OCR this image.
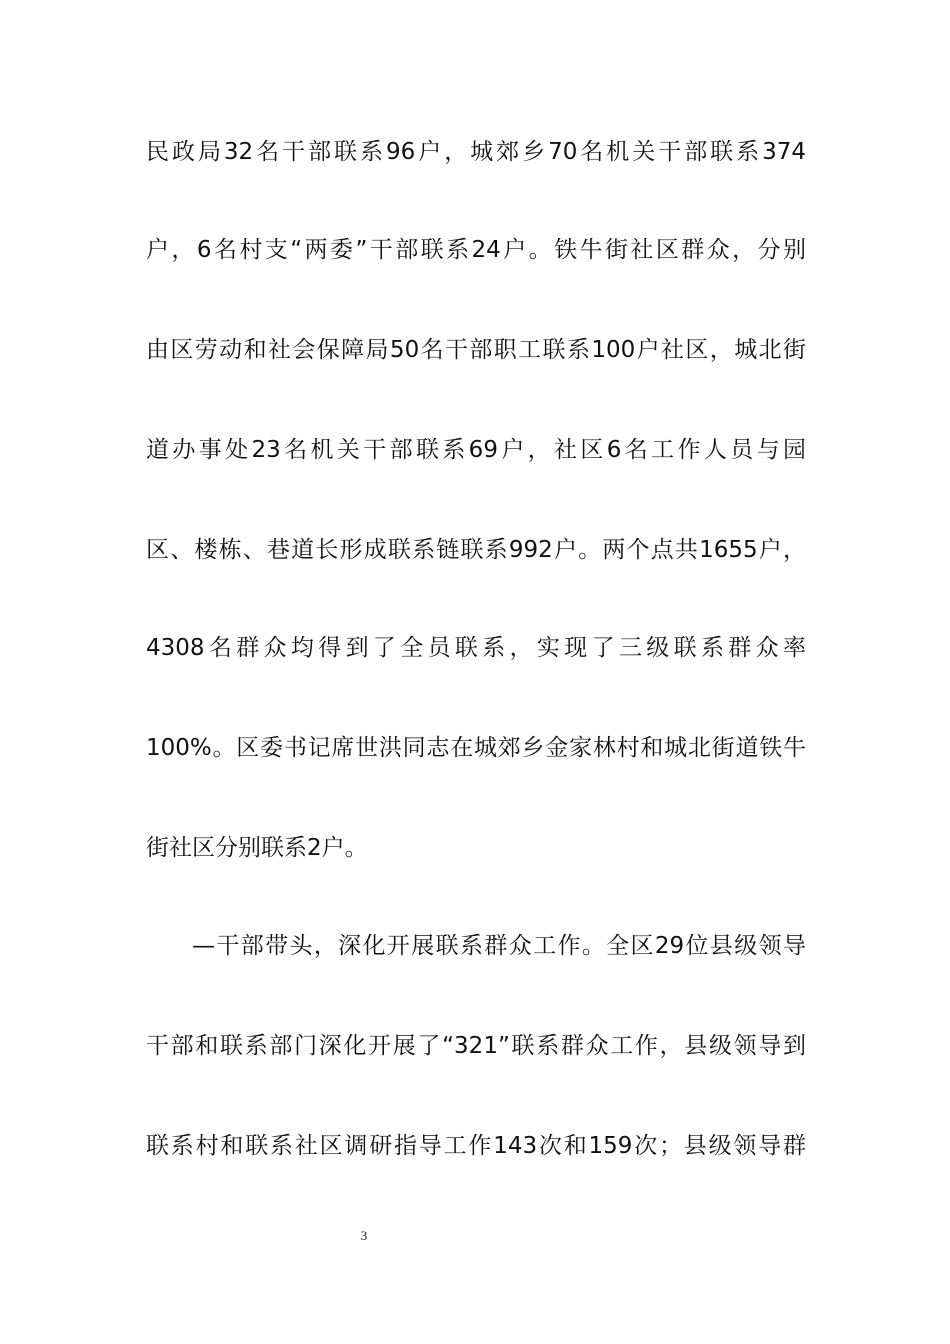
民政局32名干部联系96户，城郊乡70名机关干部联系374
户，6名村支“两委”干部联系24户。铁牛街社区群众，分别
由区劳动和社会保障局50名干部职工联系100户社区，城北街
道办事处23名机关干部联系69户，社区6名工作人员与园
区、楼栋、巷道长形成联系链联系992户。两个点共1655户，
4308名群众均得到了全员联系，实现了三级联系群众率
100%。区委书记席世洪同志在城郊乡金家林村和城北街道铁牛
街社区分别联系2户。
—干部带头，深化开展联系群众工作。全区29位县级领导
干部和联系部门深化开展了“321”联系群众工作，县级领导到
联系村和联系社区调研指导工作143次和159次；县级领导群
3
